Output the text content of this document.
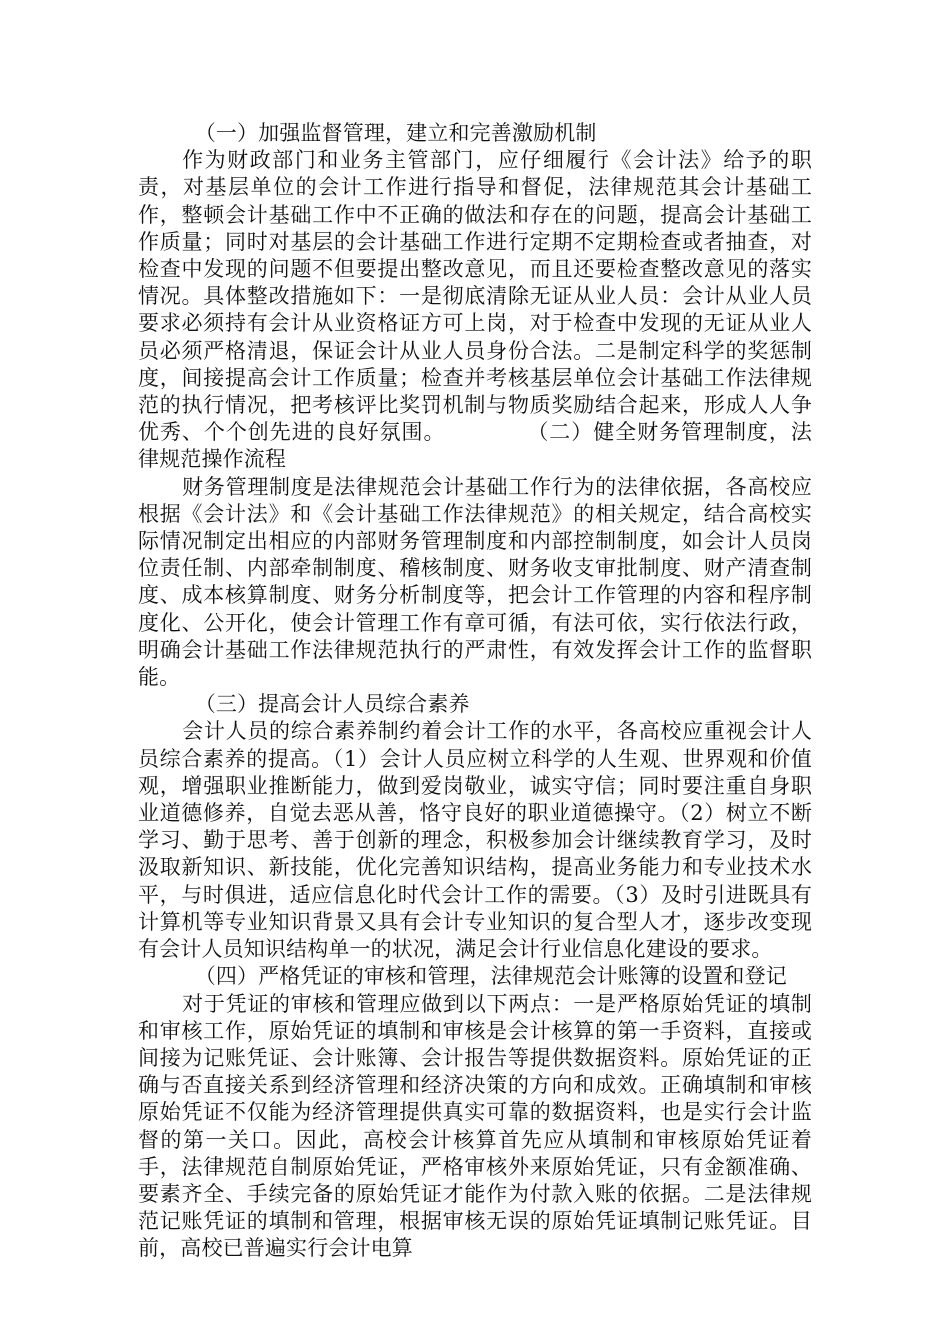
（一）加强监督管理，建立和完善激励机制

作为财政部门和业务主管部门，应仔细履行《会计法》给予的职责，对基层单位的会计工作进行指导和督促，法律规范其会计基础工作，整顿会计基础工作中不正确的做法和存在的问题，提高会计基础工作质量；同时对基层的会计基础工作进行定期不定期检查或者抽查，对检查中发现的问题不但要提出整改意见，而且还要检查整改意见的落实情况。具体整改措施如下：一是彻底清除无证从业人员：会计从业人员要求必须持有会计从业资格证方可上岗，对于检查中发现的无证从业人员必须严格清退，保证会计从业人员身份合法。二是制定科学的奖惩制度，间接提高会计工作质量；检查并考核基层单位会计基础工作法律规范的执行情况，把考核评比奖罚机制与物质奖励结合起来，形成人人争优秀、个个创先进的良好氛围。	（二）健全财务管理制度，法律规范操作流程

财务管理制度是法律规范会计基础工作行为的法律依据，各高校应根据《会计法》和《会计基础工作法律规范》的相关规定，结合高校实际情况制定出相应的内部财务管理制度和内部控制制度，如会计人员岗位责任制、内部牵制制度、稽核制度、财务收支审批制度、财产清查制度、成本核算制度、财务分析制度等，把会计工作管理的内容和程序制度化、公开化，使会计管理工作有章可循，有法可依，实行依法行政，明确会计基础工作法律规范执行的严肃性，有效发挥会计工作的监督职能。

（三）提高会计人员综合素养

会计人员的综合素养制约着会计工作的水平，各高校应重视会计人员综合素养的提高。（1）会计人员应树立科学的人生观、世界观和价值观，增强职业推断能力，做到爱岗敬业，诚实守信；同时要注重自身职业道德修养，自觉去恶从善，恪守良好的职业道德操守。（2）树立不断学习、勤于思考、善于创新的理念，积极参加会计继续教育学习，及时汲取新知识、新技能，优化完善知识结构，提高业务能力和专业技术水平，与时俱进，适应信息化时代会计工作的需要。（3）及时引进既具有计算机等专业知识背景又具有会计专业知识的复合型人才，逐步改变现有会计人员知识结构单一的状况，满足会计行业信息化建设的要求。

（四）严格凭证的审核和管理，法律规范会计账簿的设置和登记

对于凭证的审核和管理应做到以下两点：一是严格原始凭证的填制和审核工作，原始凭证的填制和审核是会计核算的第一手资料，直接或间接为记账凭证、会计账簿、会计报告等提供数据资料。原始凭证的正确与否直接关系到经济管理和经济决策的方向和成效。正确填制和审核原始凭证不仅能为经济管理提供真实可靠的数据资料，也是实行会计监督的第一关口。因此，高校会计核算首先应从填制和审核原始凭证着手，法律规范自制原始凭证，严格审核外来原始凭证，只有金额准确、要素齐全、手续完备的原始凭证才能作为付款入账的依据。二是法律规范记账凭证的填制和管理，根据审核无误的原始凭证填制记账凭证。目前，高校已普遍实行会计电算
